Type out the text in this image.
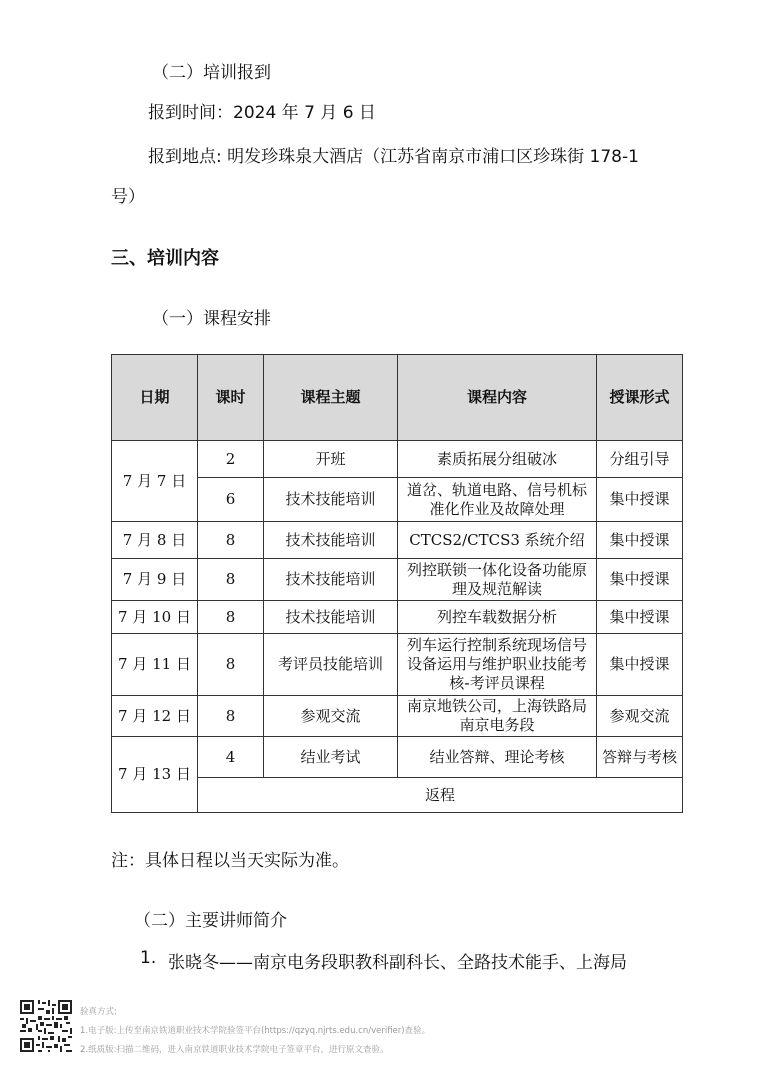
（二）培训报到
报到时间：2024 年 7 月 6 日
报到地点: 明发珍珠泉大酒店（江苏省南京市浦口区珍珠街 178-1
号）
三、培训内容
（一）课程安排
日期	课时	课程主题	课程内容	授课形式
7 月 7 日	2	开班	素质拓展分组破冰	分组引导
	6	技术技能培训	道岔、轨道电路、信号机标准化作业及故障处理	集中授课
7 月 8 日	8	技术技能培训	CTCS2/CTCS3 系统介绍	集中授课
7 月 9 日	8	技术技能培训	列控联锁一体化设备功能原理及规范解读	集中授课
7 月 10 日	8	技术技能培训	列控车载数据分析	集中授课
7 月 11 日	8	考评员技能培训	列车运行控制系统现场信号设备运用与维护职业技能考核-考评员课程	集中授课
7 月 12 日	8	参观交流	南京地铁公司，上海铁路局南京电务段	参观交流
7 月 13 日	4	结业考试	结业答辩、理论考核	答辩与考核
	返程			
注：具体日程以当天实际为准。
（二）主要讲师简介
1. 张晓冬——南京电务段职教科副科长、全路技术能手、上海局
验真方式:
1.电子版:上传至南京铁道职业技术学院验签平台(https://qzyq.njrts.edu.cn/verifier)查验。
2.纸质版:扫描二维码，进入南京铁道职业技术学院电子签章平台，进行原文查验。
